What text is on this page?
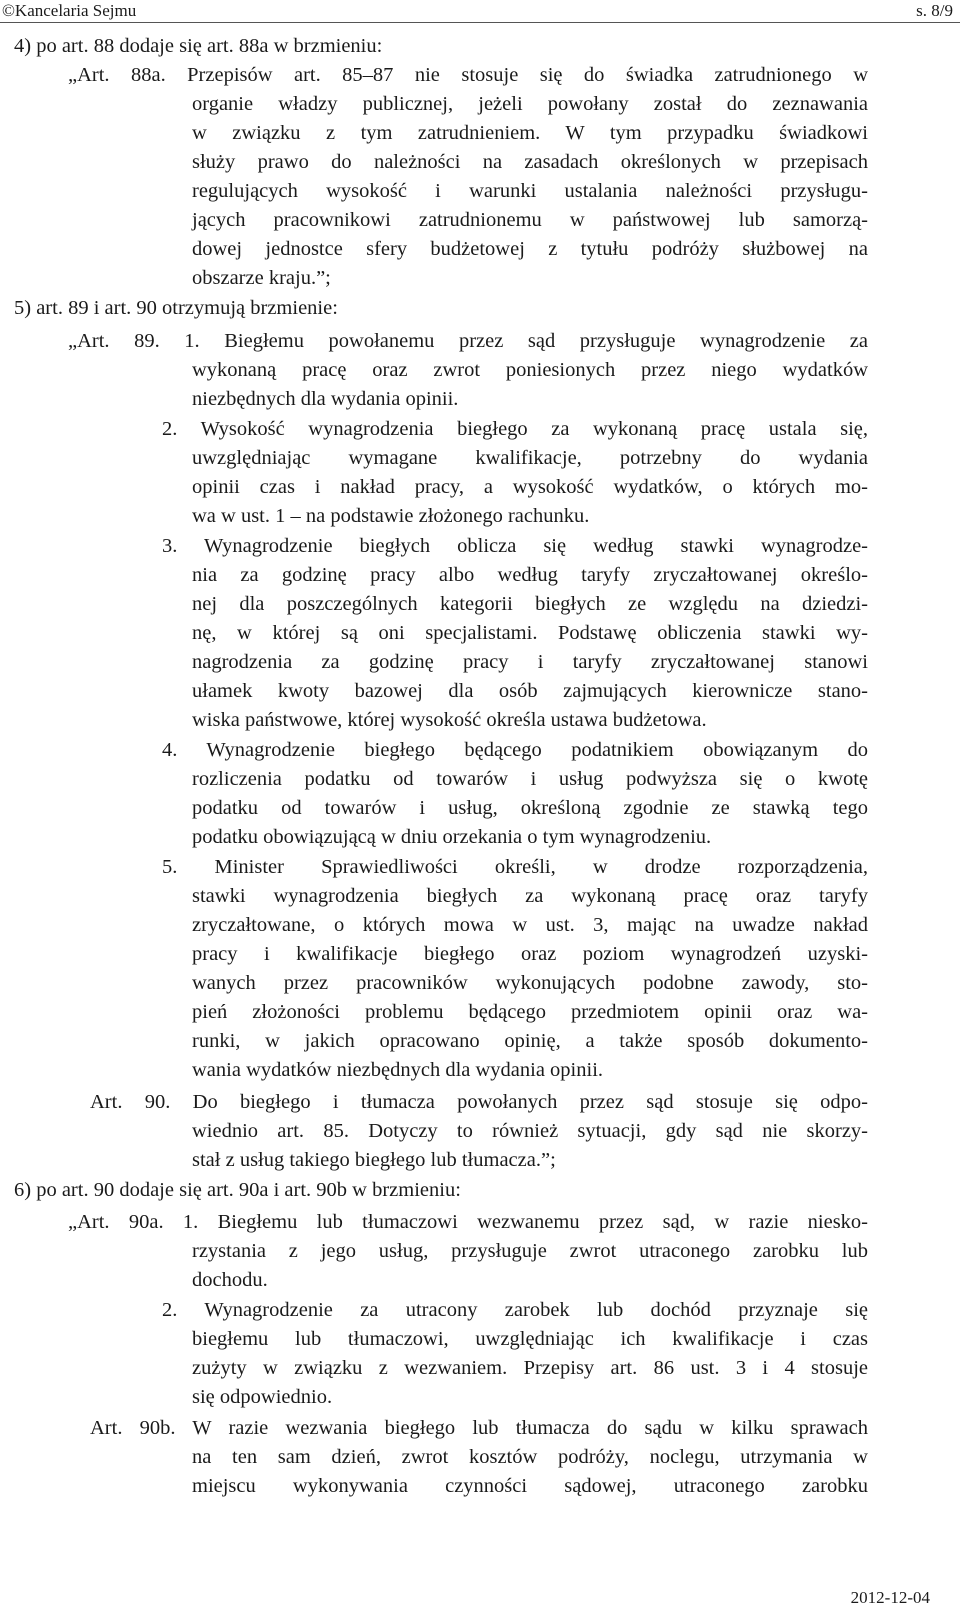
©Kancelaria Sejmu	s. 8/9
4) po art. 88 dodaje się art. 88a w brzmieniu:
„Art. 88a. Przepisów art. 85–87 nie stosuje się do świadka zatrudnionego w
organie władzy publicznej, jeżeli powołany został do zeznawania
w związku z tym zatrudnieniem. W tym przypadku świadkowi
służy prawo do należności na zasadach określonych w przepisach
regulujących wysokość i warunki ustalania należności przysługu-
jących pracownikowi zatrudnionemu w państwowej lub samorzą-
dowej jednostce sfery budżetowej z tytułu podróży służbowej na
obszarze kraju.”;
5) art. 89 i art. 90 otrzymują brzmienie:
„Art. 89. 1. Biegłemu powołanemu przez sąd przysługuje wynagrodzenie za
wykonaną pracę oraz zwrot poniesionych przez niego wydatków
niezbędnych dla wydania opinii.
2. Wysokość wynagrodzenia biegłego za wykonaną pracę ustala się,
uwzględniając wymagane kwalifikacje, potrzebny do wydania
opinii czas i nakład pracy, a wysokość wydatków, o których mo-
wa w ust. 1 – na podstawie złożonego rachunku.
3. Wynagrodzenie biegłych oblicza się według stawki wynagrodze-
nia za godzinę pracy albo według taryfy zryczałtowanej określo-
nej dla poszczególnych kategorii biegłych ze względu na dziedzi-
nę, w której są oni specjalistami. Podstawę obliczenia stawki wy-
nagrodzenia za godzinę pracy i taryfy zryczałtowanej stanowi
ułamek kwoty bazowej dla osób zajmujących kierownicze stano-
wiska państwowe, której wysokość określa ustawa budżetowa.
4. Wynagrodzenie biegłego będącego podatnikiem obowiązanym do
rozliczenia podatku od towarów i usług podwyższa się o kwotę
podatku od towarów i usług, określoną zgodnie ze stawką tego
podatku obowiązującą w dniu orzekania o tym wynagrodzeniu.
5. Minister Sprawiedliwości określi, w drodze rozporządzenia,
stawki wynagrodzenia biegłych za wykonaną pracę oraz taryfy
zryczałtowane, o których mowa w ust. 3, mając na uwadze nakład
pracy i kwalifikacje biegłego oraz poziom wynagrodzeń uzyski-
wanych przez pracowników wykonujących podobne zawody, sto-
pień złożoności problemu będącego przedmiotem opinii oraz wa-
runki, w jakich opracowano opinię, a także sposób dokumento-
wania wydatków niezbędnych dla wydania opinii.
Art. 90. Do biegłego i tłumacza powołanych przez sąd stosuje się odpo-
wiednio art. 85. Dotyczy to również sytuacji, gdy sąd nie skorzy-
stał z usług takiego biegłego lub tłumacza.”;
6) po art. 90 dodaje się art. 90a i art. 90b w brzmieniu:
„Art. 90a. 1. Biegłemu lub tłumaczowi wezwanemu przez sąd, w razie niesko-
rzystania z jego usług, przysługuje zwrot utraconego zarobku lub
dochodu.
2. Wynagrodzenie za utracony zarobek lub dochód przyznaje się
biegłemu lub tłumaczowi, uwzględniając ich kwalifikacje i czas
zużyty w związku z wezwaniem. Przepisy art. 86 ust. 3 i 4 stosuje
się odpowiednio.
Art. 90b. W razie wezwania biegłego lub tłumacza do sądu w kilku sprawach
na ten sam dzień, zwrot kosztów podróży, noclegu, utrzymania w
miejscu wykonywania czynności sądowej, utraconego zarobku
2012-12-04
